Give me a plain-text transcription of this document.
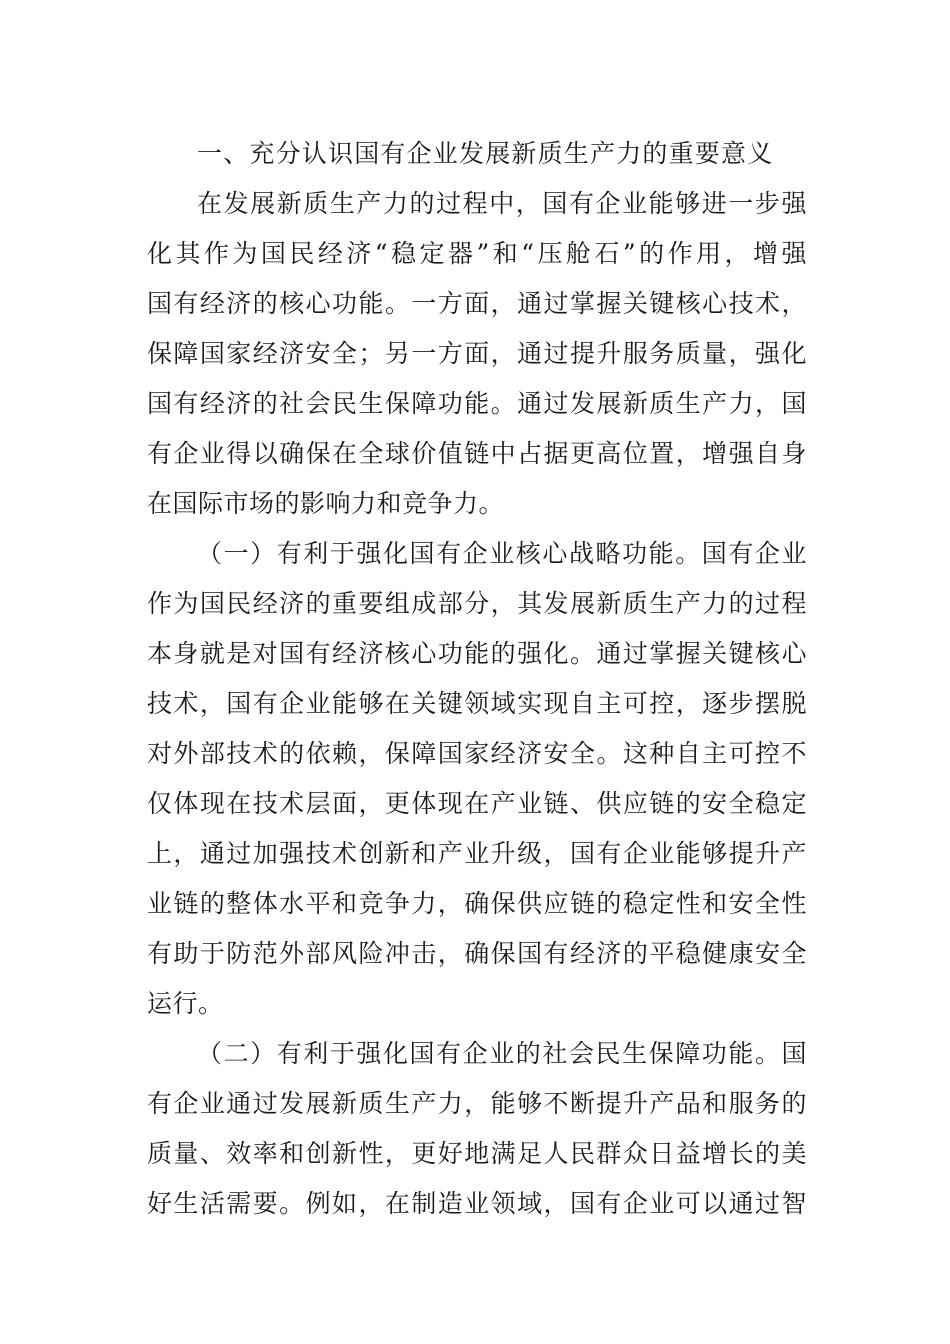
一、充分认识国有企业发展新质生产力的重要意义
在发展新质生产力的过程中，国有企业能够进一步强
化其作为国民经济“稳定器”和“压舱石”的作用，增强
国有经济的核心功能。一方面，通过掌握关键核心技术，
保障国家经济安全；另一方面，通过提升服务质量，强化
国有经济的社会民生保障功能。通过发展新质生产力，国
有企业得以确保在全球价值链中占据更高位置，增强自身
在国际市场的影响力和竞争力。
（一）有利于强化国有企业核心战略功能。国有企业
作为国民经济的重要组成部分，其发展新质生产力的过程
本身就是对国有经济核心功能的强化。通过掌握关键核心
技术，国有企业能够在关键领域实现自主可控，逐步摆脱
对外部技术的依赖，保障国家经济安全。这种自主可控不
仅体现在技术层面，更体现在产业链、供应链的安全稳定
上，通过加强技术创新和产业升级，国有企业能够提升产
业链的整体水平和竞争力，确保供应链的稳定性和安全性
有助于防范外部风险冲击，确保国有经济的平稳健康安全
运行。
（二）有利于强化国有企业的社会民生保障功能。国
有企业通过发展新质生产力，能够不断提升产品和服务的
质量、效率和创新性，更好地满足人民群众日益增长的美
好生活需要。例如，在制造业领域，国有企业可以通过智
